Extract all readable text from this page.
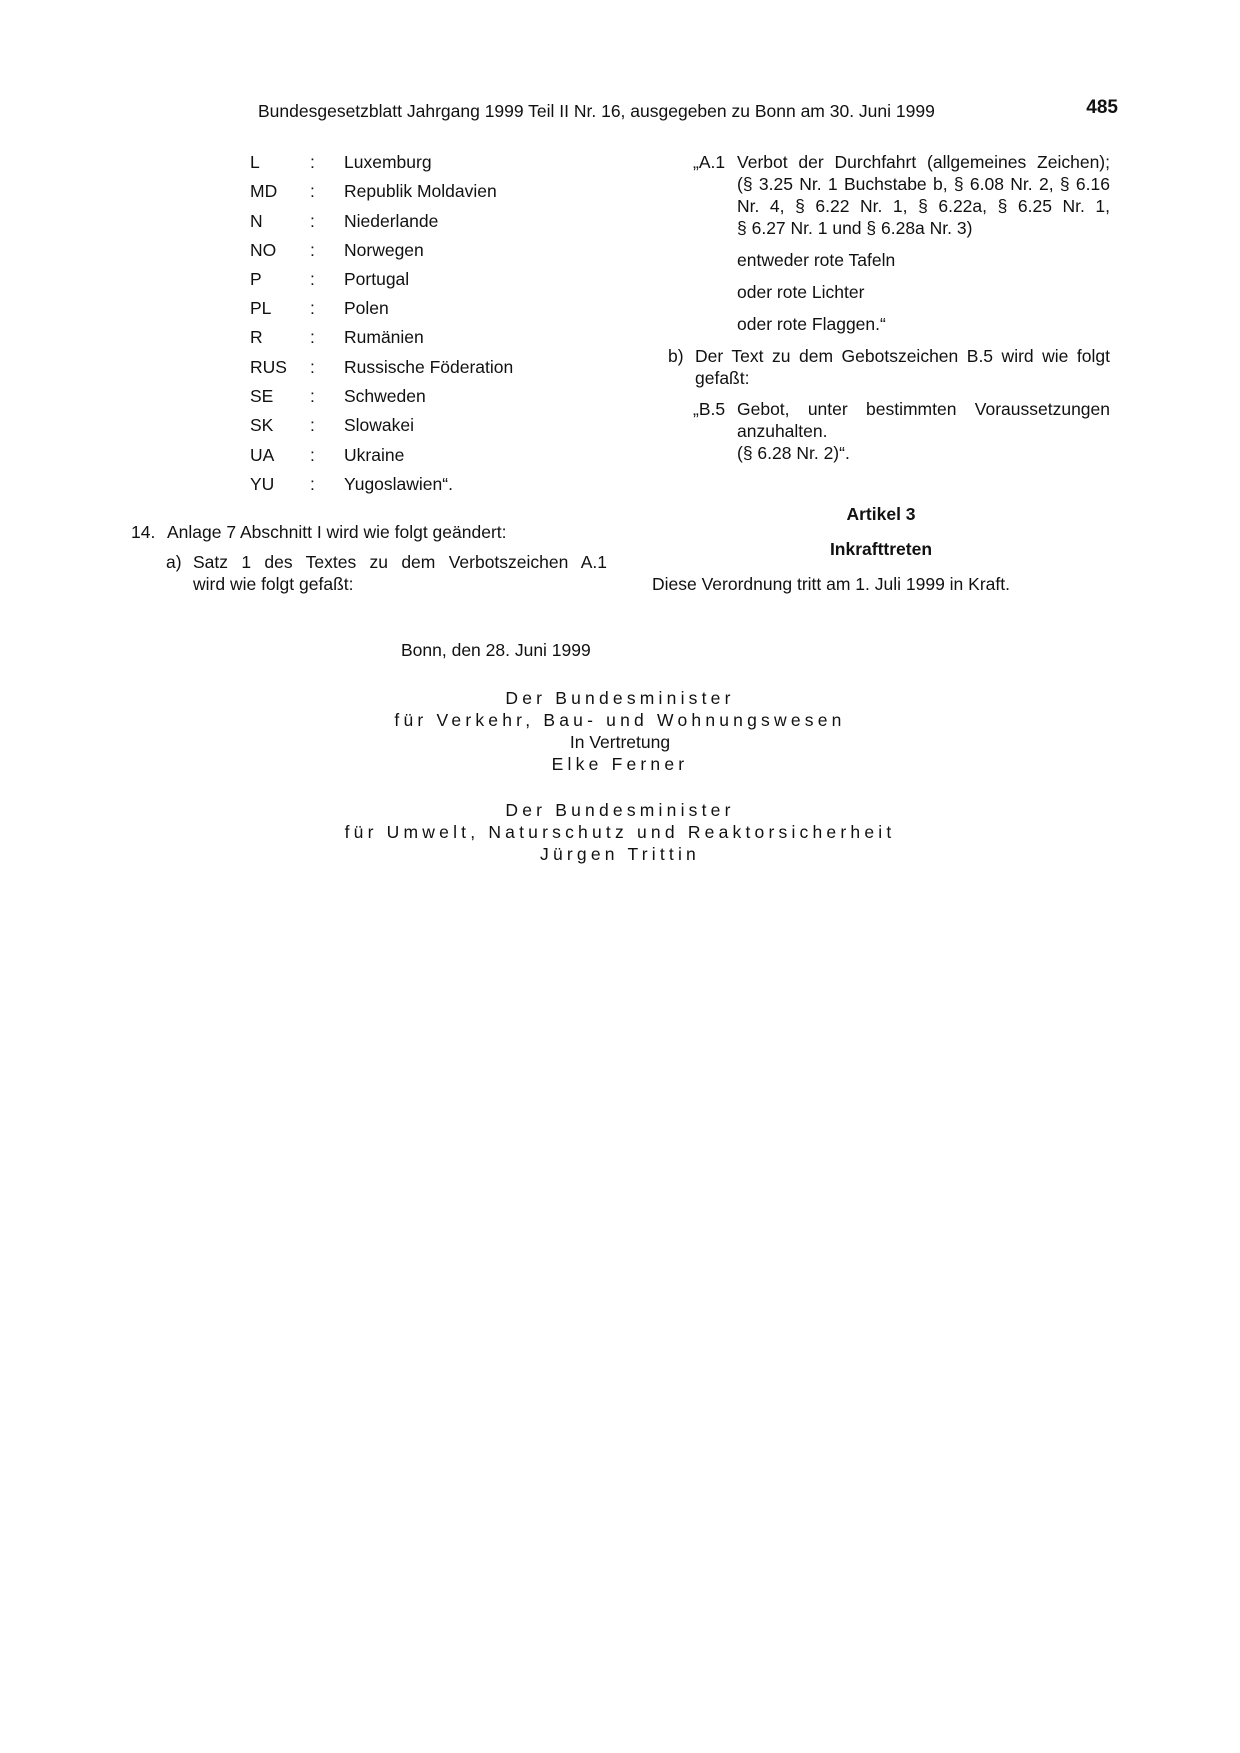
Bundesgesetzblatt Jahrgang 1999 Teil II Nr. 16, ausgegeben zu Bonn am 30. Juni 1999	485
L	: Luxemburg
MD : Republik Moldavien
N	: Niederlande
NO : Norwegen
P	: Portugal
PL : Polen
R	: Rumänien
RUS : Russische Föderation
SE : Schweden
SK : Slowakei
UA : Ukraine
YU : Yugoslawien“.
14. Anlage 7 Abschnitt I wird wie folgt geändert:
a) Satz 1 des Textes zu dem Verbotszeichen A.1
wird wie folgt gefaßt:
„A.1 Verbot der Durchfahrt (allgemeines Zeichen);
(§ 3.25 Nr. 1 Buchstabe b, § 6.08 Nr. 2, § 6.16
Nr. 4, § 6.22 Nr. 1, § 6.22a, § 6.25 Nr. 1,
§ 6.27 Nr. 1 und § 6.28a Nr. 3)
entweder rote Tafeln
oder rote Lichter
oder rote Flaggen.“
b) Der Text zu dem Gebotszeichen B.5 wird wie folgt
gefaßt:
„B.5 Gebot, unter bestimmten Voraussetzungen
anzuhalten.
(§ 6.28 Nr. 2)“.
Artikel 3
Inkrafttreten
Diese Verordnung tritt am 1. Juli 1999 in Kraft.
Bonn, den 28. Juni 1999
Der Bundesminister
für Verkehr, Bau- und Wohnungswesen
In Vertretung
Elke Ferner
Der Bundesminister
für Umwelt, Naturschutz und Reaktorsicherheit
Jürgen Trittin
